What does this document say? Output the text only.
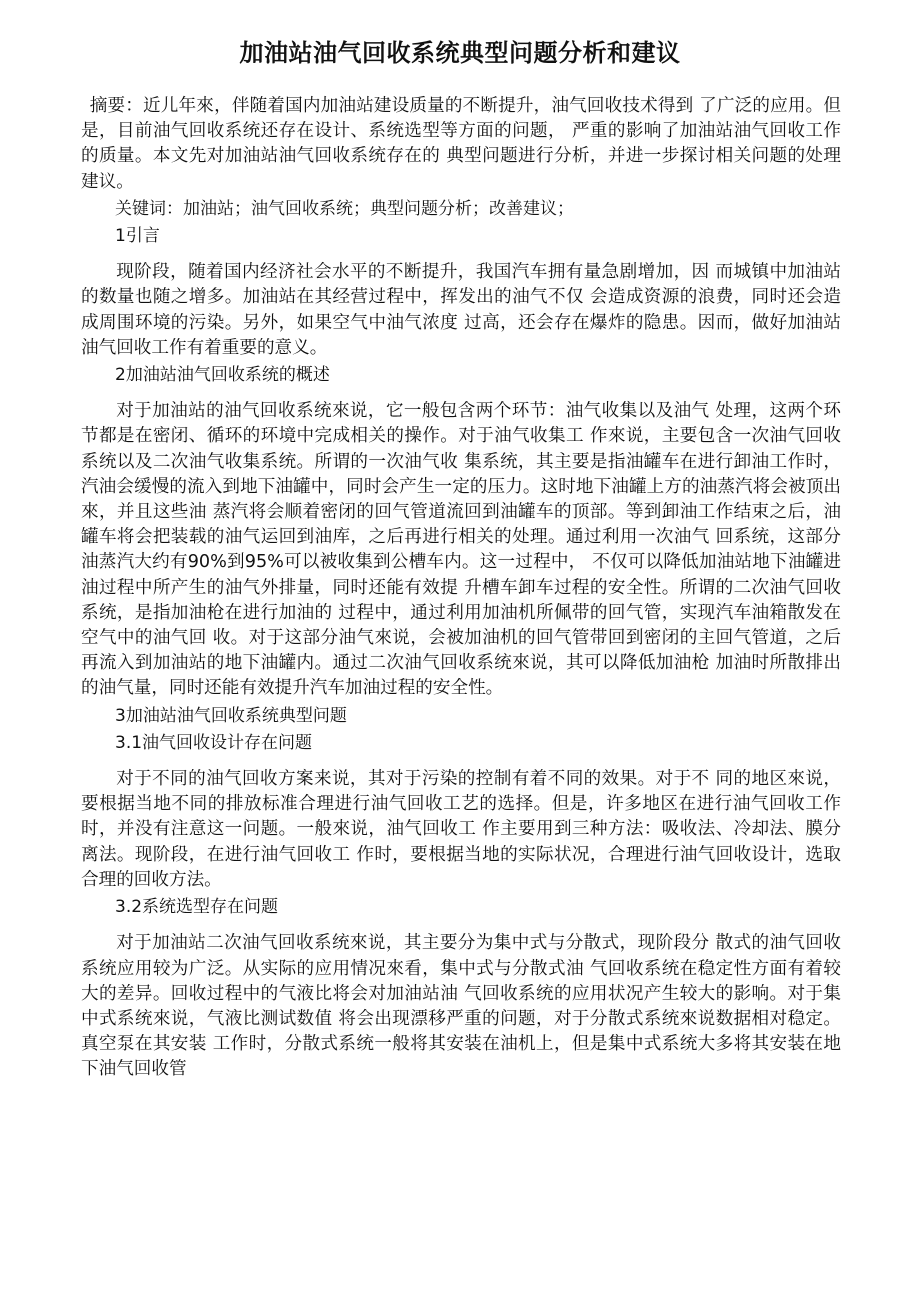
加油站油气回收系统典型问题分析和建议

摘要：近儿年來，伴随着国内加油站建设质量的不断提升，油气回收技术得到 了广泛的应用。但是，目前油气回收系统还存在设计、系统选型等方面的问题， 严重的影响了加油站油气回收工作的质量。本文先对加油站油气回收系统存在的 典型问题进行分析，并进一步探讨相关问题的处理建议。

关键词：加油站；油气回收系统；典型问题分析；改善建议；

1引言

现阶段，随着国内经济社会水平的不断提升，我国汽车拥有量急剧增加，因 而城镇中加油站的数量也随之增多。加油站在其经营过程中，挥发出的油气不仅 会造成资源的浪费，同时还会造成周围环境的污染。另外，如果空气中油气浓度 过高，还会存在爆炸的隐患。因而，做好加油站油气回收工作有着重要的意义。

2加油站油气回收系统的概述

对于加油站的油气回收系统來说，它一般包含两个环节：油气收集以及油气 处理，这两个环节都是在密闭、循环的环境中完成相关的操作。对于油气收集工 作來说，主要包含一次油气回收系统以及二次油气收集系统。所谓的一次油气收 集系统，其主要是指油罐车在进行卸油工作时，汽油会缓慢的流入到地下油罐中，同时会产生一定的压力。这时地下油罐上方的油蒸汽将会被顶出來，并且这些油 蒸汽将会顺着密闭的回气管道流回到油罐车的顶部。等到卸油工作结束之后，油 罐车将会把装载的油气运回到油库，之后再进行相关的处理。通过利用一次油气 回系统，这部分油蒸汽大约有90%到95%可以被收集到公槽车内。这一过程中， 不仅可以降低加油站地下油罐进油过程中所产生的油气外排量，同时还能有效提 升槽车卸车过程的安全性。所谓的二次油气回收系统，是指加油枪在进行加油的 过程中，通过利用加油机所佩带的回气管，实现汽车油箱散发在空气中的油气回 收。对于这部分油气來说，会被加油机的回气管带回到密闭的主回气管道，之后 再流入到加油站的地下油罐内。通过二次油气回收系统來说，其可以降低加油枪 加油时所散排出的油气量，同时还能有效提升汽车加油过程的安全性。

3加油站油气回收系统典型问题

3.1油气回收设计存在问题

对于不同的油气回收方案来说，其对于污染的控制有着不同的效果。对于不 同的地区來说，要根据当地不同的排放标准合理进行油气回收工艺的选择。但是，许多地区在进行油气回收工作时，并没有注意这一问题。一般來说，油气回收工 作主要用到三种方法：吸收法、冷却法、膜分离法。现阶段，在进行油气回收工 作时，要根据当地的实际状况，合理进行油气回收设计，选取合理的回收方法。

3.2系统选型存在问题

对于加油站二次油气回收系统來说，其主要分为集中式与分散式，现阶段分 散式的油气回收系统应用较为广泛。从实际的应用情况來看，集中式与分散式油 气回收系统在稳定性方面有着较大的差异。回收过程中的气液比将会对加油站油 气回收系统的应用状况产生较大的影响。对于集中式系统來说，气液比测试数值 将会出现漂移严重的问题，对于分散式系统來说数据相对稳定。真空泵在其安装 工作时，分散式系统一般将其安装在油机上，但是集中式系统大多将其安装在地 下油气回收管
